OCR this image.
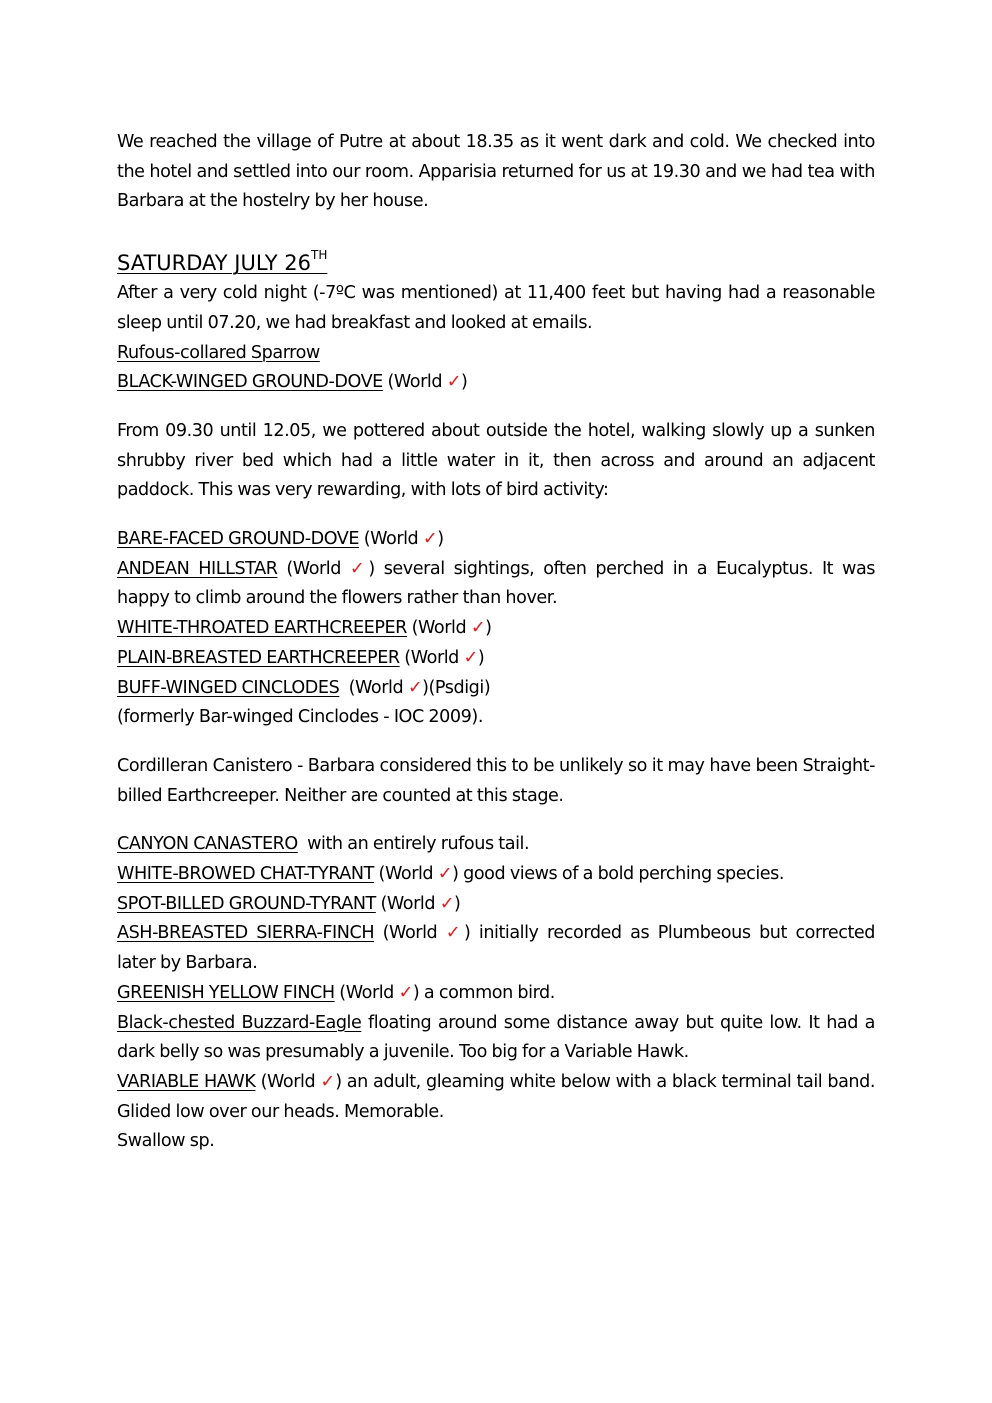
We reached the village of Putre at about 18.35 as it went dark and cold. We checked into the hotel and settled into our room. Apparisia returned for us at 19.30 and we had tea with Barbara at the hostelry by her house.

SATURDAY JULY 26TH

After a very cold night (-7ºC was mentioned) at 11,400 feet but having had a reasonable sleep until 07.20, we had breakfast and looked at emails.

Rufous-collared Sparrow

BLACK-WINGED GROUND-DOVE (World ✓)

From 09.30 until 12.05, we pottered about outside the hotel, walking slowly up a sunken shrubby river bed which had a little water in it, then across and around an adjacent paddock. This was very rewarding, with lots of bird activity:

BARE-FACED GROUND-DOVE (World ✓)

ANDEAN HILLSTAR (World ✓) several sightings, often perched in a Eucalyptus. It was happy to climb around the flowers rather than hover.

WHITE-THROATED EARTHCREEPER (World ✓)

PLAIN-BREASTED EARTHCREEPER (World ✓)

BUFF-WINGED CINCLODES  (World ✓)(Psdigi)

(formerly Bar-winged Cinclodes - IOC 2009).

Cordilleran Canistero - Barbara considered this to be unlikely so it may have been Straight-billed Earthcreeper. Neither are counted at this stage.

CANYON CANASTERO  with an entirely rufous tail.

WHITE-BROWED CHAT-TYRANT (World ✓) good views of a bold perching species.

SPOT-BILLED GROUND-TYRANT (World ✓)

ASH-BREASTED SIERRA-FINCH (World ✓) initially recorded as Plumbeous but corrected later by Barbara.

GREENISH YELLOW FINCH (World ✓) a common bird.

Black-chested Buzzard-Eagle floating around some distance away but quite low. It had a dark belly so was presumably a juvenile. Too big for a Variable Hawk.

VARIABLE HAWK (World ✓) an adult, gleaming white below with a black terminal tail band. Glided low over our heads. Memorable.

Swallow sp.
